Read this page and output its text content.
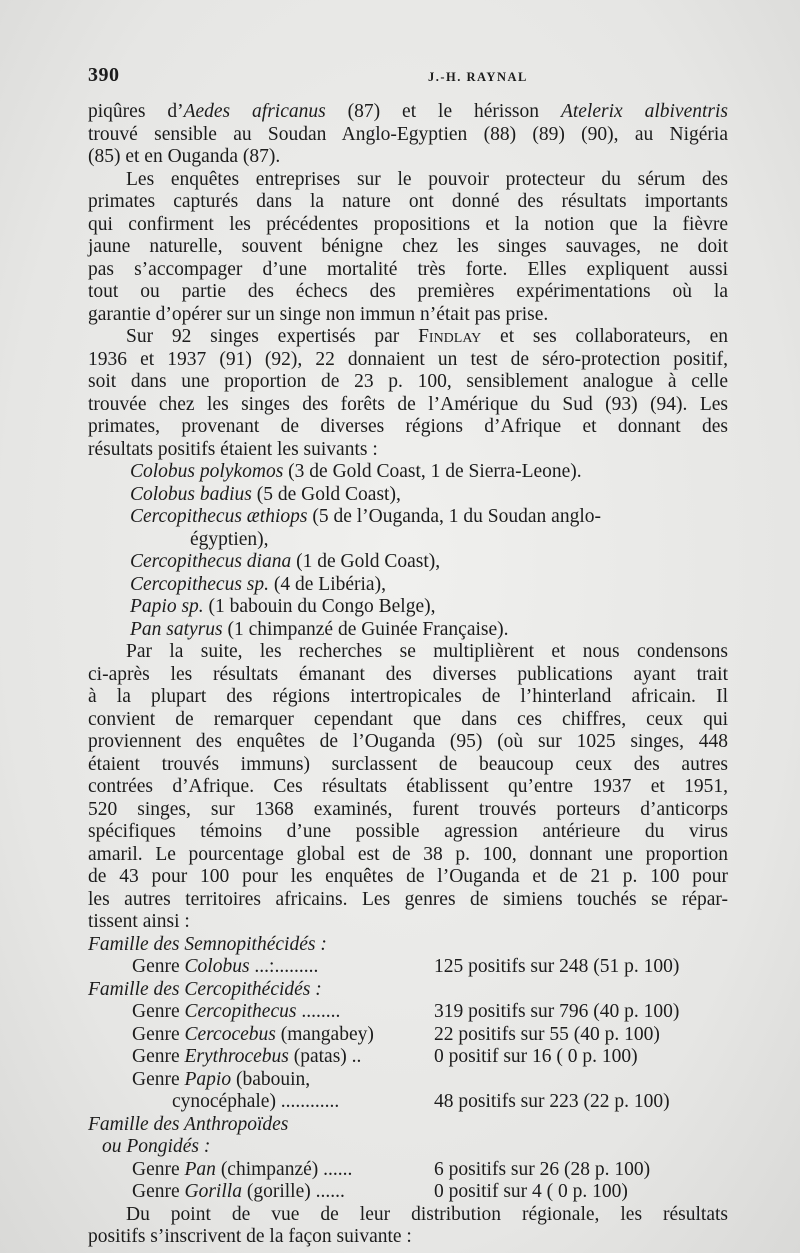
390	J.-H. RAYNAL
piqûres d’Aedes africanus (87) et le hérisson Atelerix albiventris
trouvé sensible au Soudan Anglo-Egyptien (88) (89) (90), au Nigéria
(85) et en Ouganda (87).
Les enquêtes entreprises sur le pouvoir protecteur du sérum des
primates capturés dans la nature ont donné des résultats importants
qui confirment les précédentes propositions et la notion que la fièvre
jaune naturelle, souvent bénigne chez les singes sauvages, ne doit
pas s’accompager d’une mortalité très forte. Elles expliquent aussi
tout ou partie des échecs des premières expérimentations où la
garantie d’opérer sur un singe non immun n’était pas prise.
Sur 92 singes expertisés par Findlay et ses collaborateurs, en
1936 et 1937 (91) (92), 22 donnaient un test de séro-protection positif,
soit dans une proportion de 23 p. 100, sensiblement analogue à celle
trouvée chez les singes des forêts de l’Amérique du Sud (93) (94). Les
primates, provenant de diverses régions d’Afrique et donnant des
résultats positifs étaient les suivants :
Colobus polykomos (3 de Gold Coast, 1 de Sierra-Leone).
Colobus badius (5 de Gold Coast),
Cercopithecus æthiops (5 de l’Ouganda, 1 du Soudan anglo-
égyptien),
Cercopithecus diana (1 de Gold Coast),
Cercopithecus sp. (4 de Libéria),
Papio sp. (1 babouin du Congo Belge),
Pan satyrus (1 chimpanzé de Guinée Française).
Par la suite, les recherches se multiplièrent et nous condensons
ci-après les résultats émanant des diverses publications ayant trait
à la plupart des régions intertropicales de l’hinterland africain. Il
convient de remarquer cependant que dans ces chiffres, ceux qui
proviennent des enquêtes de l’Ouganda (95) (où sur 1025 singes, 448
étaient trouvés immuns) surclassent de beaucoup ceux des autres
contrées d’Afrique. Ces résultats établissent qu’entre 1937 et 1951,
520 singes, sur 1368 examinés, furent trouvés porteurs d’anticorps
spécifiques témoins d’une possible agression antérieure du virus
amaril. Le pourcentage global est de 38 p. 100, donnant une proportion
de 43 pour 100 pour les enquêtes de l’Ouganda et de 21 p. 100 pour
les autres territoires africains. Les genres de simiens touchés se répar-
tissent ainsi :
Famille des Semnopithécidés :
Genre Colobus ...:.........	125 positifs sur 248 (51 p. 100)
Famille des Cercopithécidés :
Genre Cercopithecus ........	319 positifs sur 796 (40 p. 100)
Genre Cercocebus (mangabey)	22 positifs sur 55 (40 p. 100)
Genre Erythrocebus (patas) ..	0 positif sur 16 ( 0 p. 100)
Genre Papio (babouin,
cynocéphale) ............	48 positifs sur 223 (22 p. 100)
Famille des Anthropoïdes
ou Pongidés :
Genre Pan (chimpanzé) ......	6 positifs sur 26 (28 p. 100)
Genre Gorilla (gorille) ......	0 positif sur 4 ( 0 p. 100)
Du point de vue de leur distribution régionale, les résultats
positifs s’inscrivent de la façon suivante :
